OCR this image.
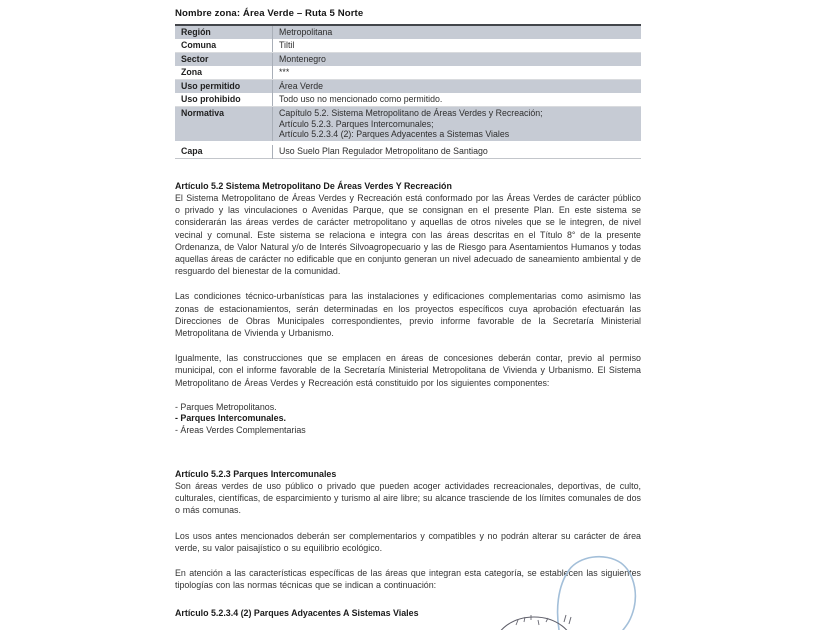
Nombre zona: Área Verde – Ruta 5 Norte
Región	Metropolitana
Comuna	Tiltil
Sector	Montenegro
Zona	***
Uso permitido	Área Verde
Uso prohibido	Todo uso no mencionado como permitido.
Normativa	Capítulo 5.2. Sistema Metropolitano de Áreas Verdes y Recreación;
Artículo 5.2.3. Parques Intercomunales;
Artículo 5.2.3.4 (2): Parques Adyacentes a Sistemas Viales

Capa	Uso Suelo Plan Regulador Metropolitano de Santiago
Artículo 5.2 Sistema Metropolitano De Áreas Verdes Y Recreación

El Sistema Metropolitano de Áreas Verdes y Recreación está conformado por las Áreas Verdes de carácter público o privado y las vinculaciones o Avenidas Parque, que se consignan en el presente Plan. En este sistema se considerarán las áreas verdes de carácter metropolitano y aquellas de otros niveles que se le integren, de nivel vecinal y comunal. Este sistema se relaciona e integra con las áreas descritas en el Título 8° de la presente Ordenanza, de Valor Natural y/o de Interés Silvoagropecuario y las de Riesgo para Asentamientos Humanos y todas aquellas áreas de carácter no edificable que en conjunto generan un nivel adecuado de saneamiento ambiental y de resguardo del bienestar de la comunidad.

Las condiciones técnico-urbanísticas para las instalaciones y edificaciones complementarias como asimismo las zonas de estacionamientos, serán determinadas en los proyectos específicos cuya aprobación efectuarán las Direcciones de Obras Municipales correspondientes, previo informe favorable de la Secretaría Ministerial Metropolitana de Vivienda y Urbanismo.

Igualmente, las construcciones que se emplacen en áreas de concesiones deberán contar, previo al permiso municipal, con el informe favorable de la Secretaría Ministerial Metropolitana de Vivienda y Urbanismo. El Sistema Metropolitano de Áreas Verdes y Recreación está constituido por los siguientes componentes:

- Parques Metropolitanos.
- Parques Intercomunales.
- Áreas Verdes Complementarias
Artículo 5.2.3 Parques Intercomunales

Son áreas verdes de uso público o privado que pueden acoger actividades recreacionales, deportivas, de culto, culturales, científicas, de esparcimiento y turismo al aire libre; su alcance trasciende de los límites comunales de dos o más comunas.

Los usos antes mencionados deberán ser complementarios y compatibles y no podrán alterar su carácter de área verde, su valor paisajístico o su equilibrio ecológico.

En atención a las características específicas de las áreas que integran esta categoría, se establecen las siguientes tipologías con las normas técnicas que se indican a continuación:

Artículo 5.2.3.4 (2) Parques Adyacentes A Sistemas Viales
